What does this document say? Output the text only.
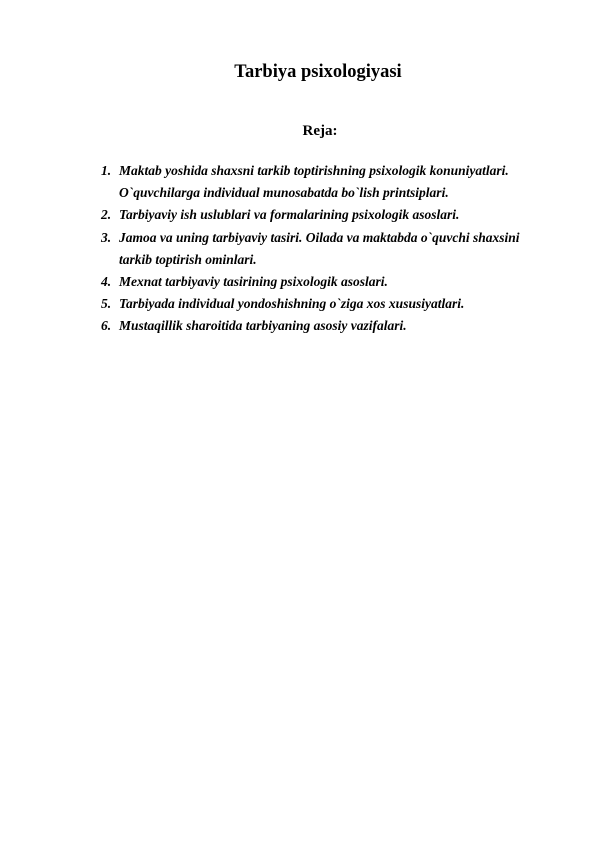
Tarbiya psixologiyasi
Reja:
1. Maktab yoshida shaxsni tarkib toptirishning psixologik konuniyatlari. O`quvchilarga individual munosabatda bo`lish printsiplari.
2. Tarbiyaviy ish uslublari va formalarining psixologik asoslari.
3. Jamoa va uning tarbiyaviy tasiri. Oilada va maktabda o`quvchi shaxsini tarkib toptirish ominlari.
4. Mexnat tarbiyaviy tasirining psixologik asoslari.
5. Tarbiyada individual yondoshishning o`ziga xos xususiyatlari.
6. Mustaqillik sharoitida tarbiyaning asosiy vazifalari.
